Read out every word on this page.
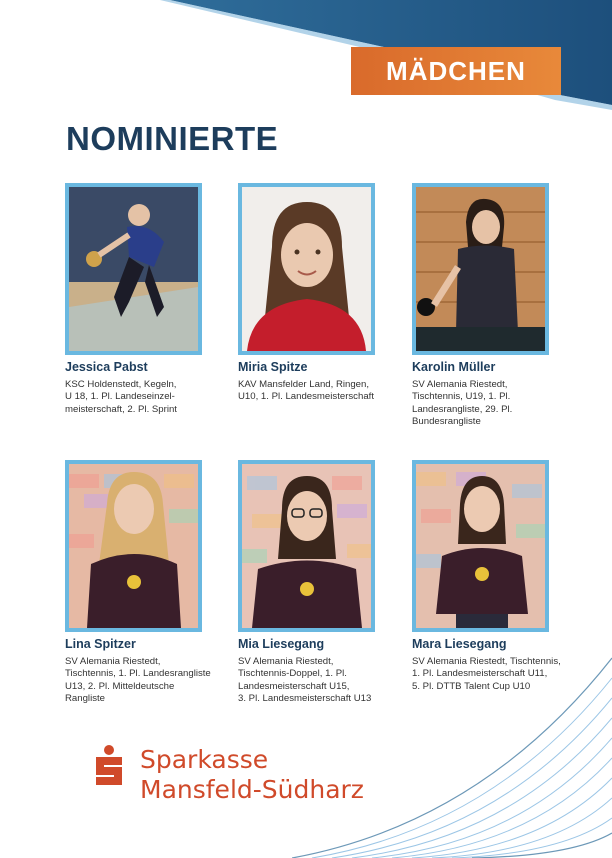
MÄDCHEN
NOMINIERTE
Jessica Pabst
KSC Holdenstedt, Kegeln,
U 18, 1. Pl. Landeseinzel-
meisterschaft, 2. Pl. Sprint
Miria Spitze
KAV Mansfelder Land, Ringen,
U10, 1. Pl. Landesmeisterschaft
Karolin Müller
SV Alemania Riestedt,
Tischtennis, U19, 1. Pl.
Landesrangliste, 29. Pl.
Bundesrangliste
Lina Spitzer
SV Alemania Riestedt,
Tischtennis, 1. Pl. Landesrangliste
U13, 2. Pl. Mitteldeutsche
Rangliste
Mia Liesegang
SV Alemania Riestedt,
Tischtennis-Doppel, 1. Pl.
Landesmeisterschaft U15,
3. Pl. Landesmeisterschaft U13
Mara Liesegang
SV Alemania Riestedt, Tischtennis,
1. Pl. Landesmeisterschaft U11,
5. Pl. DTTB Talent Cup U10
Sparkasse
Mansfeld-Südharz
